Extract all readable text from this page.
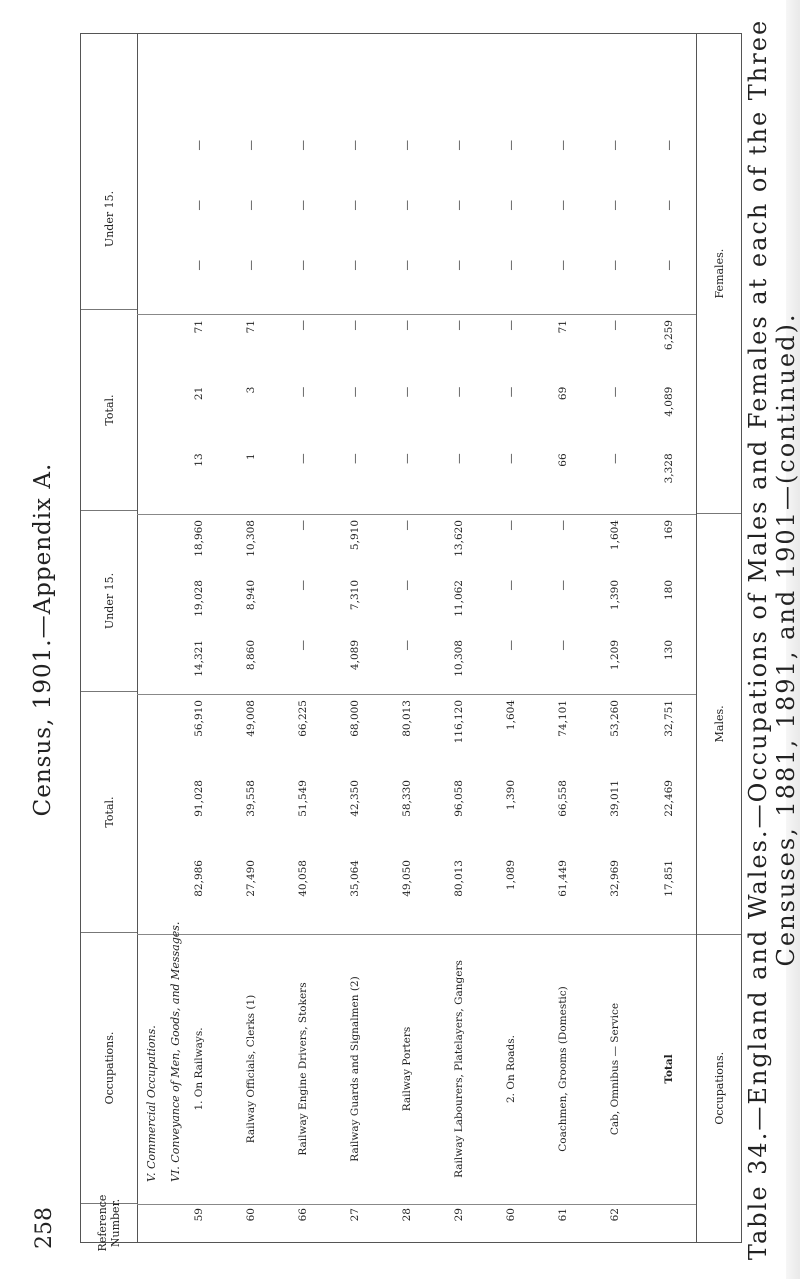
258
Census, 1901.—Appendix A.
Reference Number.
Occupations.
Total.
Under 15.
Total.
Under 15.
V. Commercial Occupations. VI. Conveyance of Men, Goods, and Messages.
59
1. On Railways.
82,986
91,028
56,910
14,321
19,028
18,960
13
21
71
—
—
—
60
Railway Officials, Clerks (1)
27,490
39,558
49,008
8,860
8,940
10,308
1
3
71
—
—
—
66
Railway Engine Drivers, Stokers
40,058
51,549
66,225
—
—
—
—
—
—
—
—
—
27
Railway Guards and Signalmen (2)
35,064
42,350
68,000
4,089
7,310
5,910
—
—
—
—
—
—
28
Railway Porters
49,050
58,330
80,013
—
—
—
—
—
—
—
—
—
29
Railway Labourers, Platelayers, Gangers
80,013
96,058
116,120
10,308
11,062
13,620
—
—
—
—
—
—
60
2. On Roads.
1,089
1,390
1,604
—
—
—
—
—
—
—
—
—
61
Coachmen, Grooms (Domestic)
61,449
66,558
74,101
—
—
—
66
69
71
—
—
—
62
Cab, Omnibus — Service
32,969
39,011
53,260
1,209
1,390
1,604
—
—
—
—
—
—
Total
17,851
22,469
32,751
130
180
169
3,328
4,089
6,259
—
—
—
Occupations.
Males.
Females. Table 34.—England and Wales.—Occupations of Males and Females at each of the Three Censuses, 1881, 1891, and 1901—(continued).
